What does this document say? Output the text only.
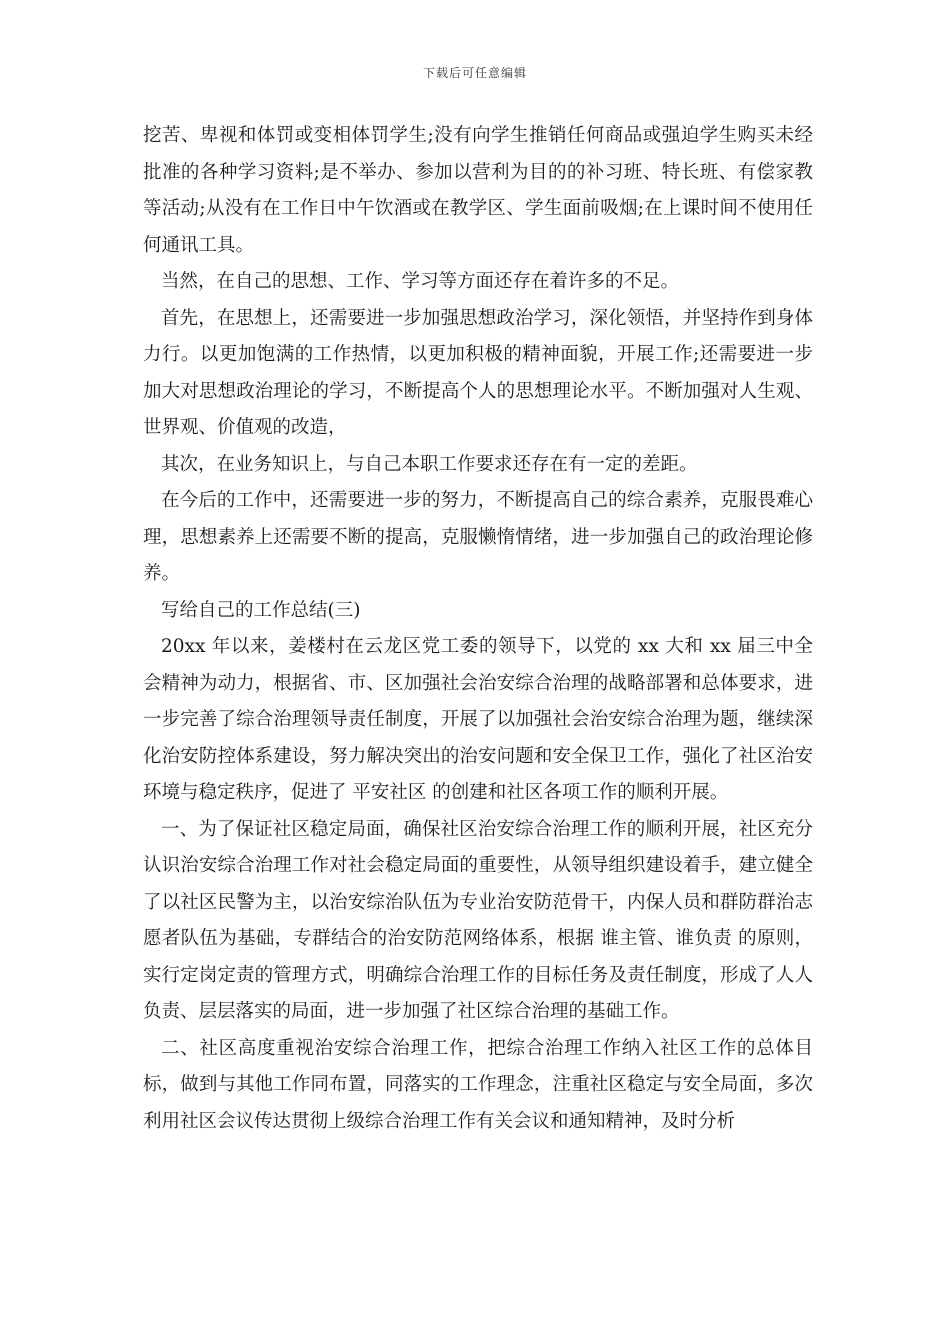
下载后可任意编辑

挖苦、卑视和体罚或变相体罚学生;没有向学生推销任何商品或强迫学生购买未经批准的各种学习资料;是不举办、参加以营利为目的的补习班、特长班、有偿家教等活动;从没有在工作日中午饮酒或在教学区、学生面前吸烟;在上课时间不使用任何通讯工具。

当然，在自己的思想、工作、学习等方面还存在着许多的不足。

首先，在思想上，还需要进一步加强思想政治学习，深化领悟，并坚持作到身体力行。以更加饱满的工作热情，以更加积极的精神面貌，开展工作;还需要进一步加大对思想政治理论的学习，不断提高个人的思想理论水平。不断加强对人生观、世界观、价值观的改造，

其次，在业务知识上，与自己本职工作要求还存在有一定的差距。

在今后的工作中，还需要进一步的努力，不断提高自己的综合素养，克服畏难心理，思想素养上还需要不断的提高，克服懒惰情绪，进一步加强自己的政治理论修养。

写给自己的工作总结(三)

20xx 年以来，姜楼村在云龙区党工委的领导下，以党的 xx 大和 xx 届三中全会精神为动力，根据省、市、区加强社会治安综合治理的战略部署和总体要求，进一步完善了综合治理领导责任制度，开展了以加强社会治安综合治理为题，继续深化治安防控体系建设，努力解决突出的治安问题和安全保卫工作，强化了社区治安环境与稳定秩序，促进了 平安社区 的创建和社区各项工作的顺利开展。

一、为了保证社区稳定局面，确保社区治安综合治理工作的顺利开展，社区充分认识治安综合治理工作对社会稳定局面的重要性，从领导组织建设着手，建立健全了以社区民警为主，以治安综治队伍为专业治安防范骨干，内保人员和群防群治志愿者队伍为基础，专群结合的治安防范网络体系，根据 谁主管、谁负责 的原则，实行定岗定责的管理方式，明确综合治理工作的目标任务及责任制度，形成了人人负责、层层落实的局面，进一步加强了社区综合治理的基础工作。

二、社区高度重视治安综合治理工作，把综合治理工作纳入社区工作的总体目标，做到与其他工作同布置，同落实的工作理念，注重社区稳定与安全局面，多次利用社区会议传达贯彻上级综合治理工作有关会议和通知精神，及时分析
